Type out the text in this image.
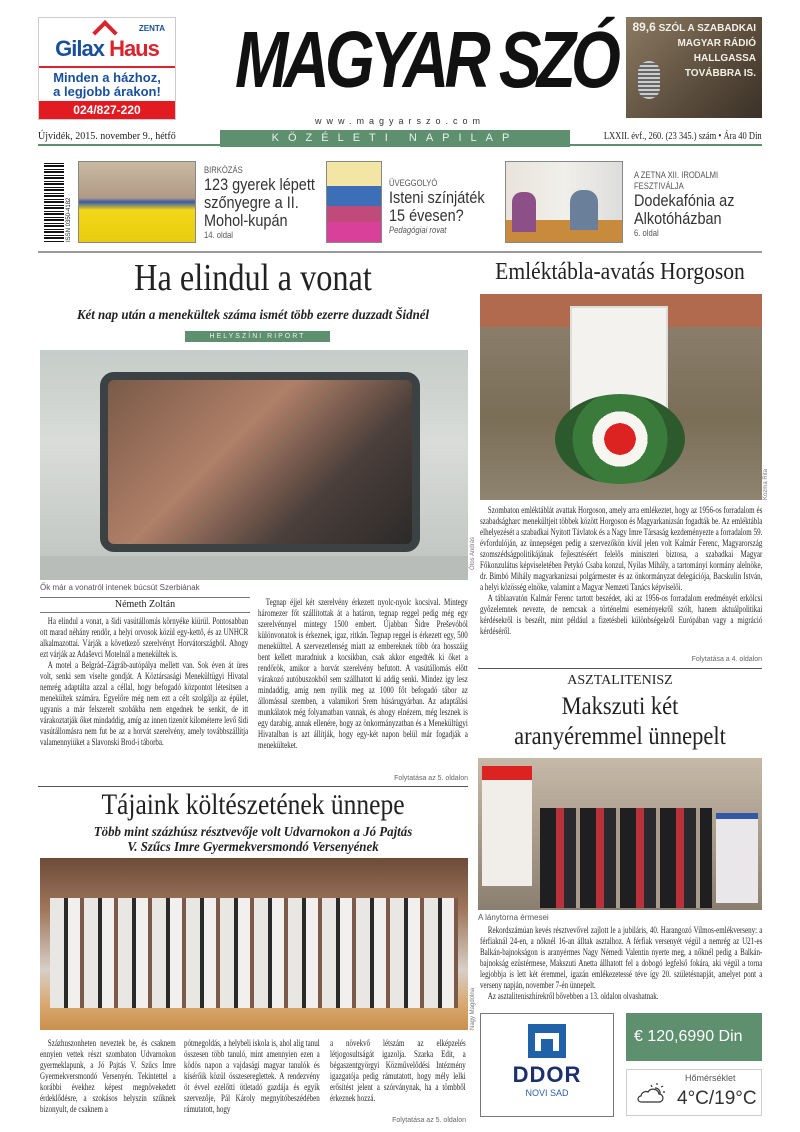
ZENTA
Gilax Haus
Minden a házhoz,
a legjobb árakon!
024/827-220
MAGYAR SZÓ
www.magyarszo.com
89,6 SZÓL A SZABADKAI
MAGYAR RÁDIÓ
HALLGASSA
TOVÁBBRA IS.
Újvidék, 2015. november 9., hétfő	LXXII. évf., 260. (23 345.) szám • Ára 40 Din
KÖZÉLETI NAPILAP
ISSN 0350-4182
BIRKÓZÁS
123 gyerek lépett szőnyegre a II. Mohol-kupán
14. oldal
ÜVEGGOLYÓ
Isteni színjáték 15 évesen?
Pedagógiai rovat
A ZETNA XII. IRODALMI FESZTIVÁLJA
Dodekafónia az Alkotóházban
6. oldal
Ha elindul a vonat
Két nap után a menekültek száma ismét több ezerre duzzadt Šidnél
HELYSZÍNI RIPORT
Ótos András
Ők már a vonatról intenek búcsút Szerbiának
Németh Zoltán

Ha elindul a vonat, a šidi vasútállomás környéke kiürül. Pontosabban ott marad néhány rendőr, a helyi orvosok közül egy-kettő, és az UNHCR alkalmazottai. Várják a következő szerelvényt Horvátországból. Ahogy ezt várják az Adaševci Motelnál a menekültek is.

A motel a Belgrád–Zágráb-autópálya mellett van. Sok éven át üres volt, senki sem viselte gondját. A Köztársasági Menekültügyi Hivatal nemrég adaptálta azzal a céllal, hogy befogadó központot létesítsen a menekültek számára. Egyelőre még nem ezt a célt szolgálja az épület, ugyanis a már felszerelt szobákba nem engednek be senkit, de itt várakoztatják őket mindaddig, amíg az innen tizenöt kilométerre levő šidi vasútállomásra nem fut be az a horvát szerelvény, amely továbbszállítja valamennyiüket a Slavonski Brod-i táborba.

Tegnap éjjel két szerelvény érkezett nyolc-nyolc kocsival. Mintegy háromezer főt szállítottak át a határon, tegnap reggel pedig még egy szerelvénnyel mintegy 1500 embert. Újabban Šidre Preševóból különvonatok is érkeznek, igaz, ritkán. Tegnap reggel is érkezett egy, 500 menekülttel. A szervezetlenség miatt az embereknek több óra hosszáig bent kellett maradniuk a kocsikban, csak akkor engedték ki őket a rendőrök, amikor a horvát szerelvény befutott. A vasútállomás előtt várakozó autóbuszokból sem szállhatott ki addig senki. Mindez így lesz mindaddig, amíg nem nyílik meg az 1000 főt befogadó tábor az állomással szemben, a valamikori Srem húsárugyárban. Az adaptálási munkálatok még folyamatban vannak, és ahogy elnézem, még lesznek is egy darabig, annak ellenére, hogy az önkormányzatban és a Menekültügyi Hivatalban is azt állítják, hogy egy-két napon belül már fogadják a menekülteket.

Folytatása az 5. oldalon
Tájaink költészetének ünnepe
Több mint százhúsz résztvevője volt Udvarnokon a Jó Pajtás
V. Szűcs Imre Gyermekversmondó Versenyének
Nagy Magdolna

Százhuszonheten neveztek be, és csaknem ennyien vettek részt szombaton Udvarnokon gyermeklapunk, a Jó Pajtás V. Szűcs Imre Gyermekversmondó Versenyén. Tekintettel a korábbi évekhez képest megnövekedett érdeklődésre, a szokásos helyszín szűknek bizonyult, de csaknem a

pótmegoldás, a helybeli iskola is, ahol alig tanul összesen több tanuló, mint amennyien ezen a ködös napon a vajdasági magyar tanulók és kísérőik közül összesereglettek. A rendezvény öt évvel ezelőtti ötletadó gazdája és egyik szervezője, Pál Károly megnyitóbeszédében rámutatott, hogy

a növekvő létszám az elképzelés létjogosultságát igazolja. Szarka Edit, a bégaszentgyörgyi Közművelődési Intézmény igazgatója pedig rámutatott, hogy mély lelki erősítést jelent a szórványnak, ha a tömbből érkeznek hozzá.

Folytatása az 5. oldalon
Emléktábla-avatás Horgoson
Kozma Rita

Szombaton emléktáblát avattak Horgoson, amely arra emlékeztet, hogy az 1956-os forradalom és szabadságharc menekültjeit többek között Horgoson és Magyarkanizsán fogadták be. Az emléktábla elhelyezését a szabadkai Nyitott Távlatok és a Nagy Imre Társaság kezdeményezte a forradalom 59. évfordulóján, az ünnepségen pedig a szervezőkön kívül jelen volt Kalmár Ferenc, Magyarország szomszédságpolitikájának fejlesztéséért felelős miniszteri biztosa, a szabadkai Magyar Főkonzulátus képviseletében Petykó Csaba konzul, Nyilas Mihály, a tartományi kormány alelnöke, dr. Bimbó Mihály magyarkanizsai polgármester és az önkormányzat delegációja, Bacskulin István, a helyi közösség elnöke, valamint a Magyar Nemzeti Tanács képviselői.

A táblaavatón Kalmár Ferenc tartott beszédet, aki az 1956-os forradalom eredményét erkölcsi győzelemnek nevezte, de nemcsak a történelmi eseményekről szólt, hanem aktuálpolitikai kérdésekről is beszélt, mint például a fizetésbeli különbségekről Európában vagy a migráció kérdéséről.

Folytatása a 4. oldalon
ASZTALITENISZ
Makszuti két
aranyéremmel ünnepelt
A lánytorna érmesei

Rekordszámúan kevés résztvevővel zajlott le a jubiláris, 40. Harangozó Vilmos-emlékverseny: a férfiaknál 24-en, a nőknél 16-an álltak asztalhoz. A férfiak versenyét végül a nemrég az U21-es Balkán-bajnokságon is aranyérmes Nagy Némedi Valentin nyerte meg, a nőknél pedig a Balkán-bajnokság ezüstérmese, Makszuti Anetta állhatott fel a dobogó legfelső fokára, aki végül a torna legjobbja is lett két éremmel, igazán emlékezetessé téve így 20. születésnapját, amelyet pont a verseny napján, november 7-én ünnepelt.

Az asztaliteniszhírekről bővebben a 13. oldalon olvashatnak.

DDOR
NOVI SAD
€ 120,6990 Din
Hőmérséklet
4°C/19°C
